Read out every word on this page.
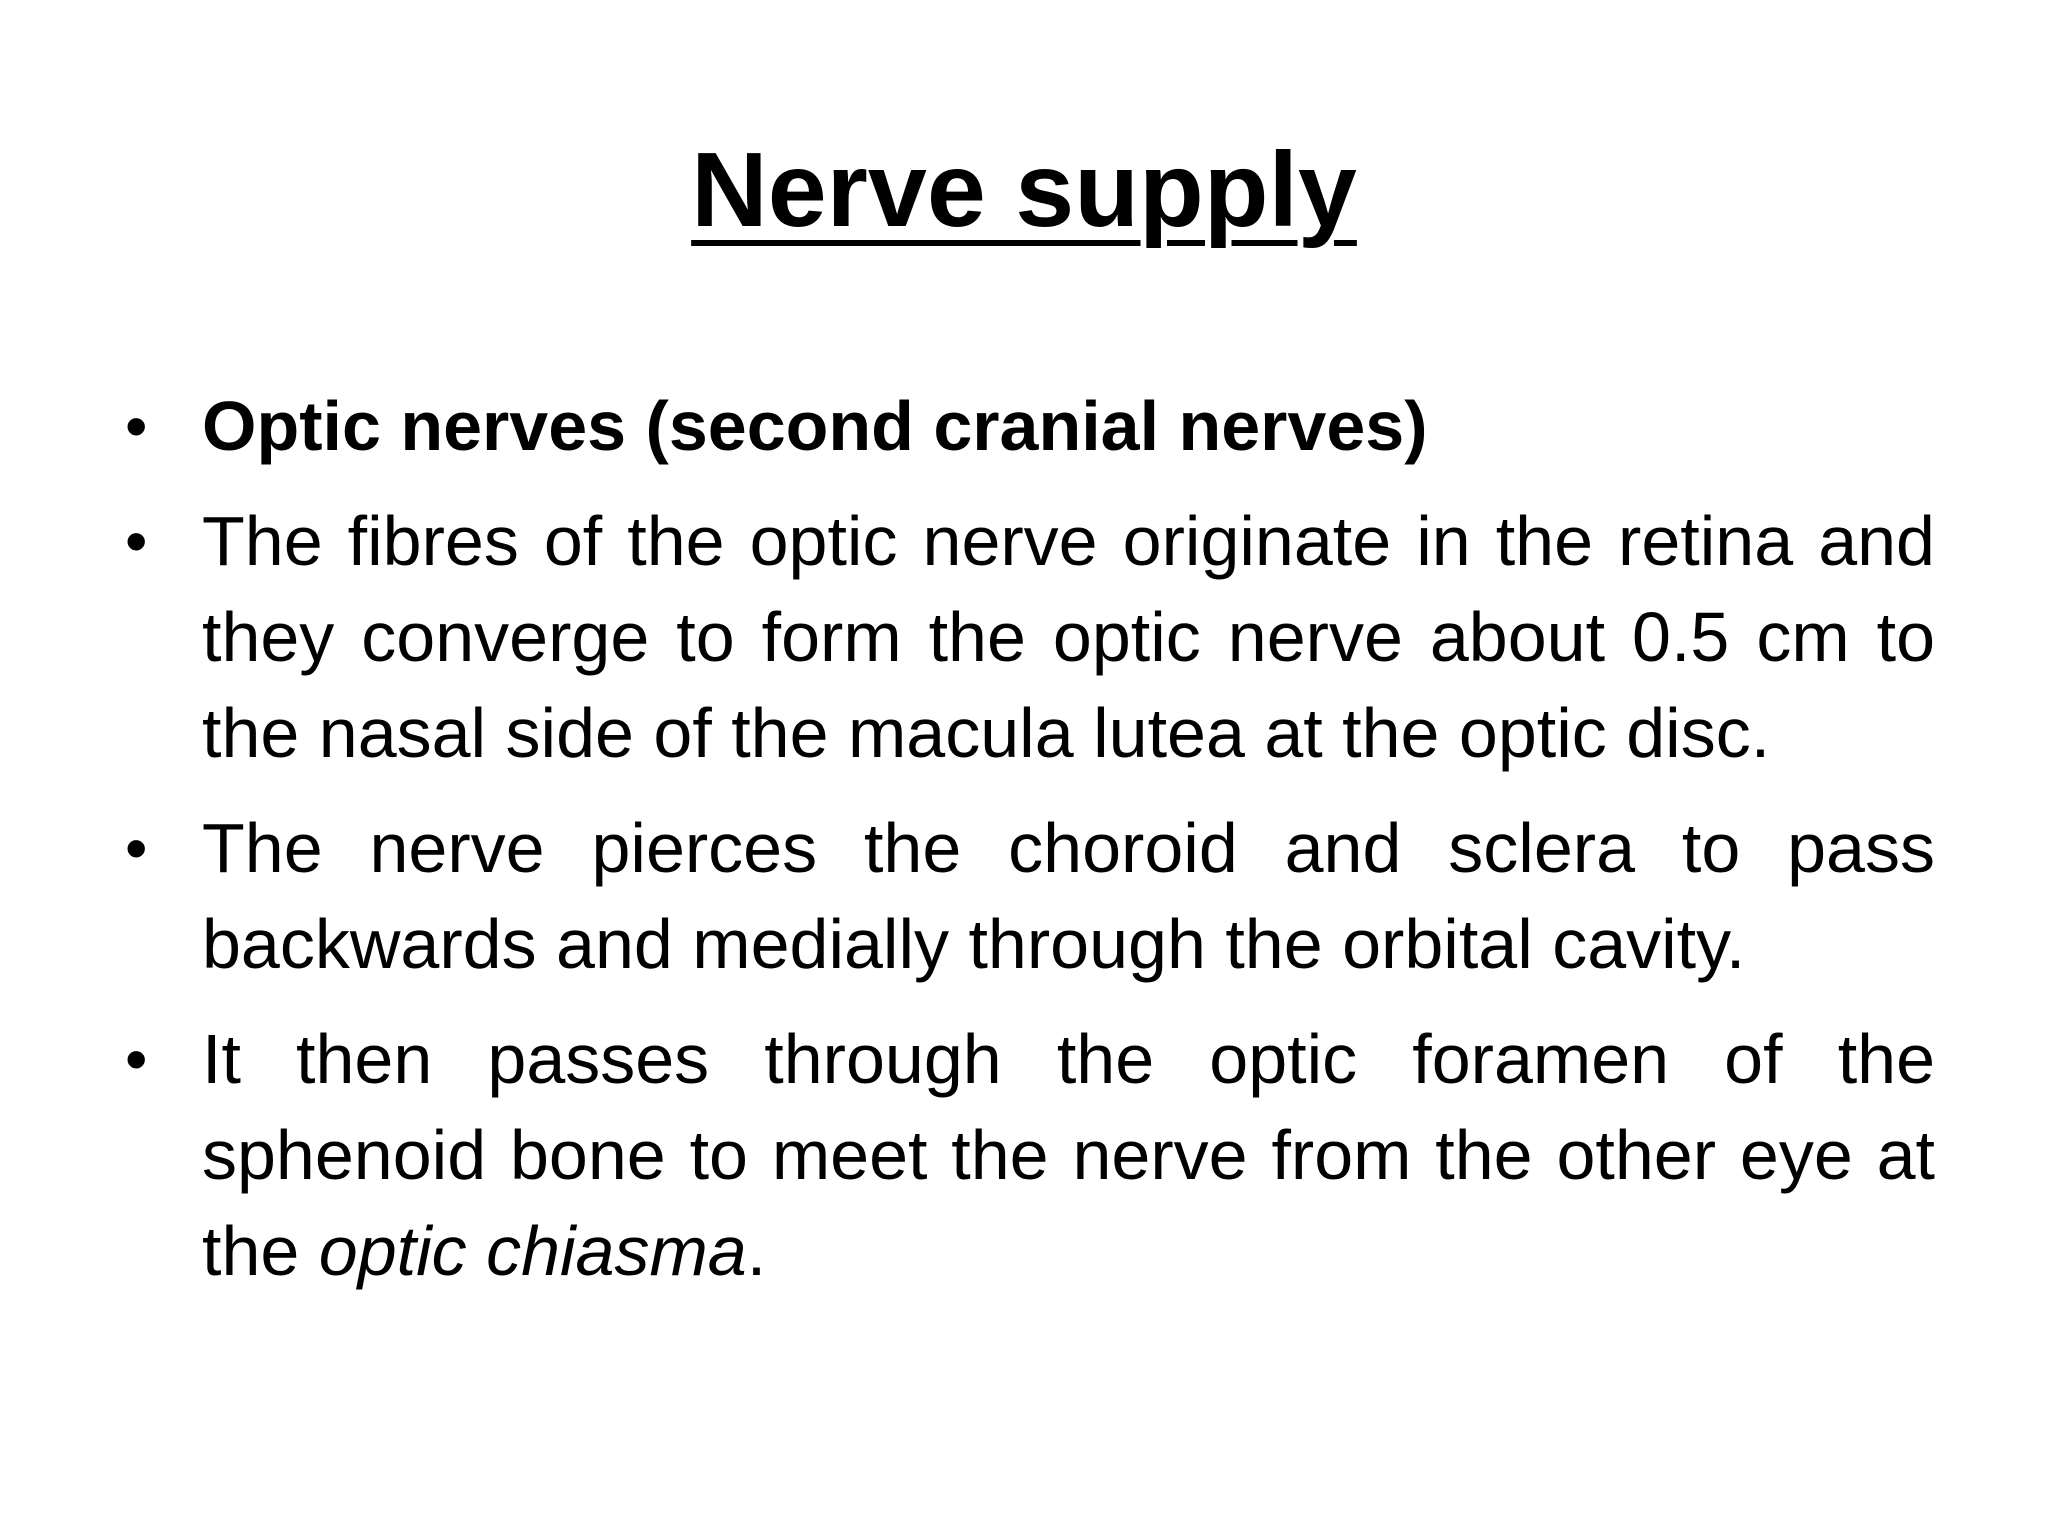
Nerve supply
• Optic nerves (second cranial nerves)
• The fibres of the optic nerve originate in the retina and they converge to form the optic nerve about 0.5 cm to the nasal side of the macula lutea at the optic disc.
• The nerve pierces the choroid and sclera to pass backwards and medially through the orbital cavity.
• It then passes through the optic foramen of the sphenoid bone to meet the nerve from the other eye at the optic chiasma.
